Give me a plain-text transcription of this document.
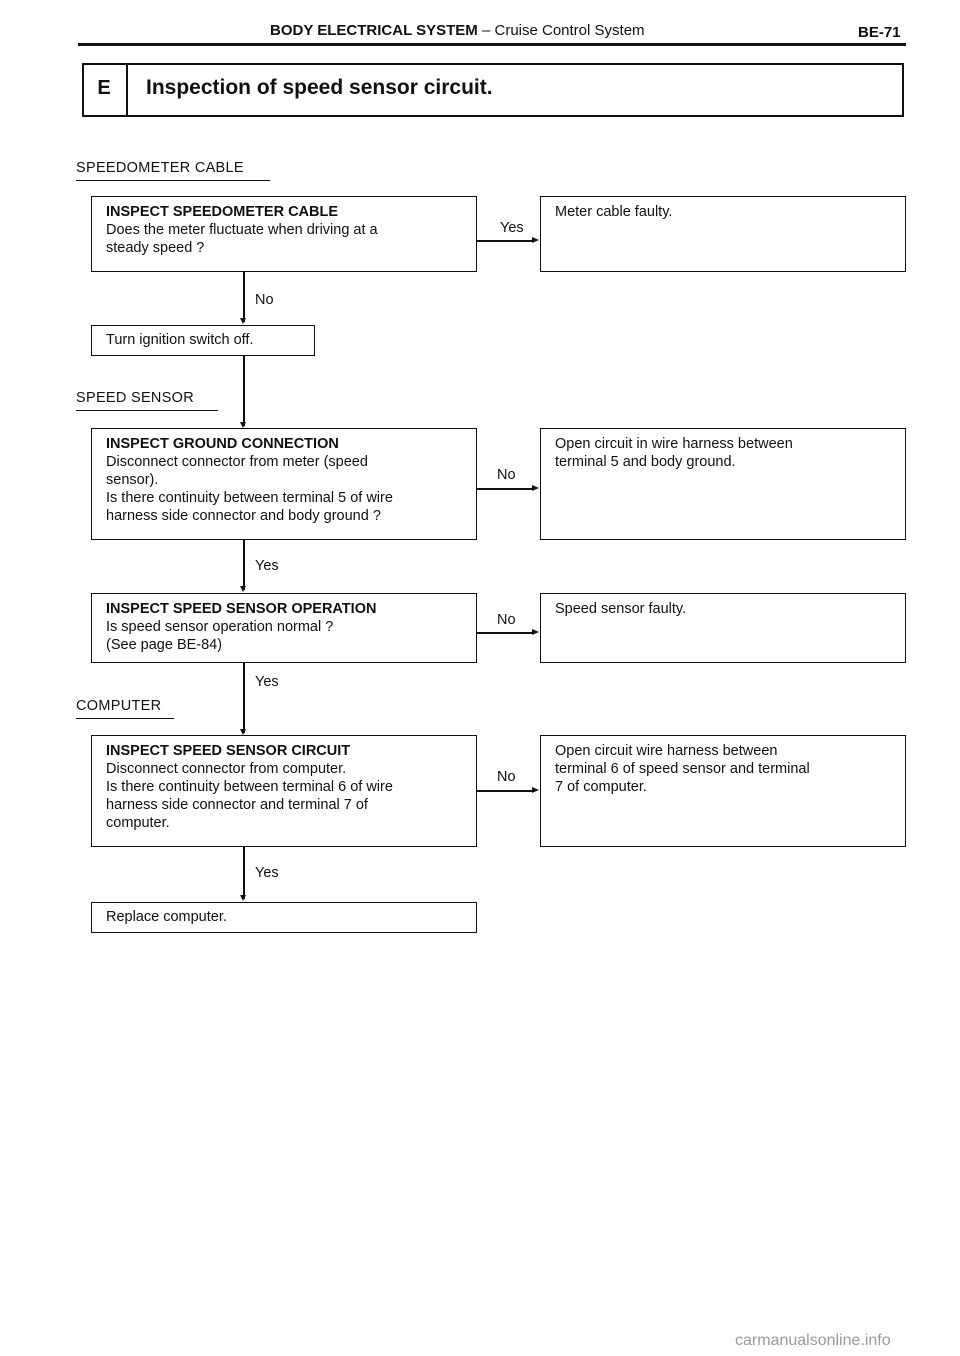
BODY ELECTRICAL SYSTEM – Cruise Control System	BE-71
E	Inspection of speed sensor circuit.
SPEEDOMETER CABLE
INSPECT SPEEDOMETER CABLE
Does the meter fluctuate when driving at a
steady speed ?
Yes
Meter cable faulty.
No
Turn ignition switch off.
SPEED SENSOR
INSPECT GROUND CONNECTION
Disconnect connector from meter (speed
sensor).
Is there continuity between terminal 5 of wire
harness side connector and body ground ?
No
Open circuit in wire harness between
terminal 5 and body ground.
Yes
INSPECT SPEED SENSOR OPERATION
Is speed sensor operation normal ?
(See page BE-84)
No
Speed sensor faulty.
Yes
COMPUTER
INSPECT SPEED SENSOR CIRCUIT
Disconnect connector from computer.
Is there continuity between terminal 6 of wire
harness side connector and terminal 7 of
computer.
No
Open circuit wire harness between
terminal 6 of speed sensor and terminal
7 of computer.
Yes
Replace computer.
carmanualsonline.info
